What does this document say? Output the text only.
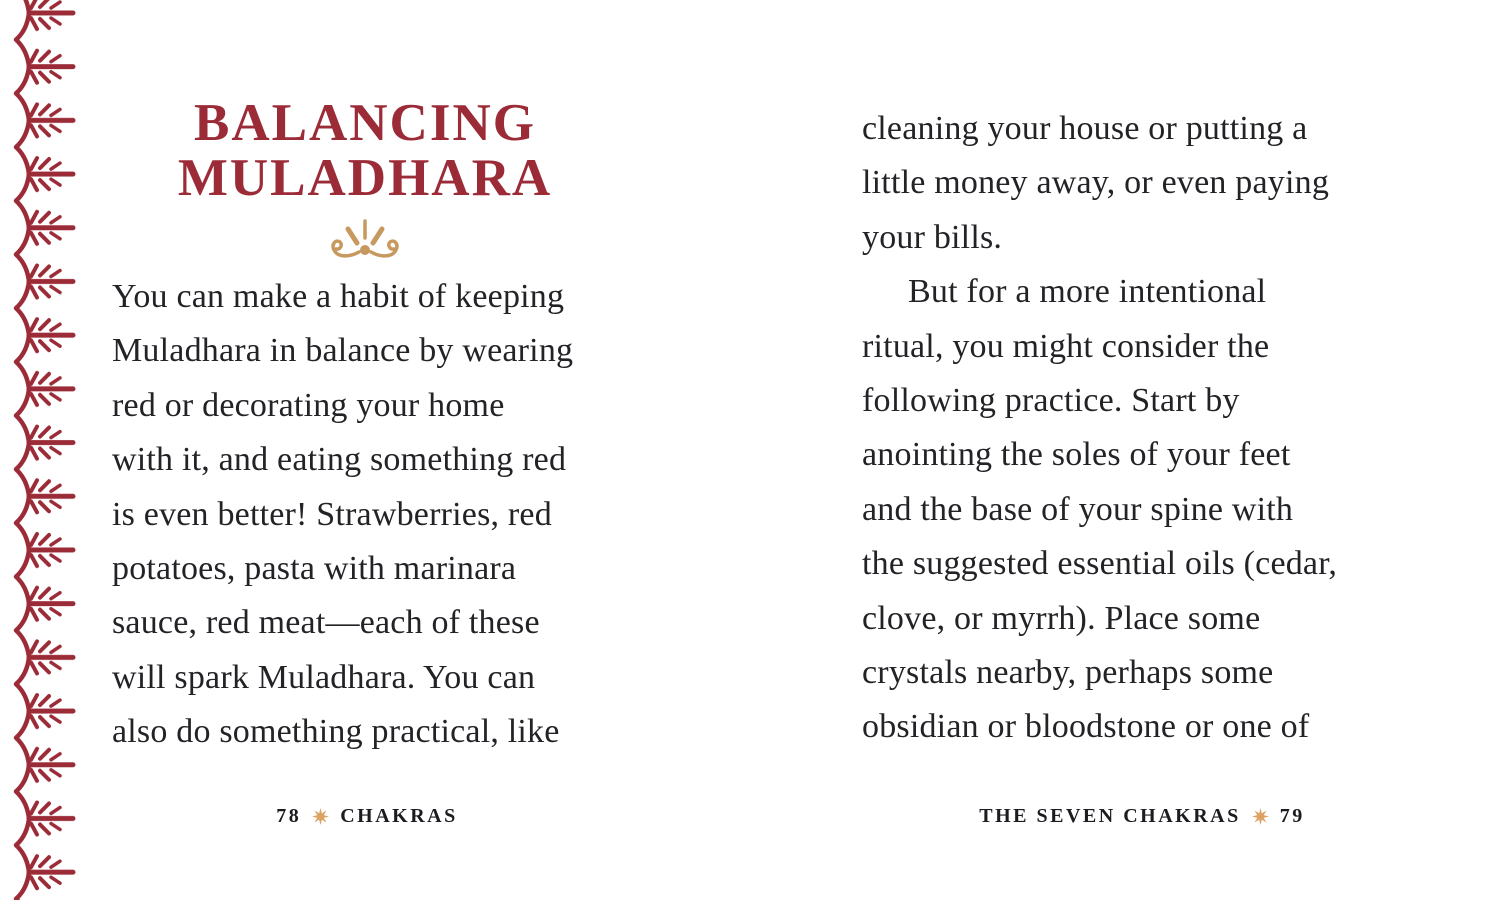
BALANCING
MULADHARA
You can make a habit of keeping
Muladhara in balance by wearing
red or decorating your home
with it, and eating something red
is even better! Strawberries, red
potatoes, pasta with marinara
sauce, red meat—each of these
will spark Muladhara. You can
also do something practical, like
cleaning your house or putting a
little money away, or even paying
your bills.
But for a more intentional
ritual, you might consider the
following practice. Start by
anointing the soles of your feet
and the base of your spine with
the suggested essential oils (cedar,
clove, or myrrh). Place some
crystals nearby, perhaps some
obsidian or bloodstone or one of
78 CHAKRAS	THE SEVEN CHAKRAS 79
